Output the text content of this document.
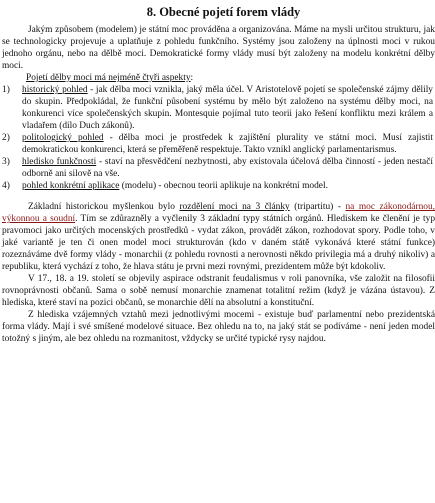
8. Obecné pojetí forem vlády

Jakým způsobem (modelem) je státní moc prováděna a organizována. Máme na mysli určitou strukturu, jak se technologicky projevuje a uplatňuje z pohledu funkčního. Systémy jsou založeny na úplnosti moci v rukou jednoho orgánu, nebo na dělbě moci. Demokratické formy vlády musí být založeny na modelu konkrétní dělby moci.

Pojetí dělby moci má nejméně čtyři aspekty:

1) historický pohled - jak dělba moci vznikla, jaký měla účel. V Aristotelově pojetí se společenské zájmy dělily do skupin. Předpokládal, že funkční působení systému by mělo být založeno na systému dělby moci, na konkurenci více společenských skupin. Montesquie pojímal tuto teorii jako řešení konfliktu mezi králem a vladařem (dílo Duch zákonů).
2) politologický pohled - dělba moci je prostředek k zajištění plurality ve státní moci. Musí zajistit demokratickou konkurenci, která se přeměřeně respektuje. Takto vznikl anglický parlamentarismus.
3) hledisko funkčnosti - staví na přesvědčení nezbytnosti, aby existovala účelová dělba činností - jeden nestačí odborně ani silově na vše.
4) pohled konkrétní aplikace (modelu) - obecnou teorii aplikuje na konkrétní model.

Základní historickou myšlenkou bylo rozdělení moci na 3 články (tripartitu) - na moc zákonodárnou, výkonnou a soudní. Tím se zdůrazněly a vyčlenily 3 základní typy státních orgánů. Hlediskem ke členění je typ pravomoci jako určitých mocenských prostředků - vydat zákon, provádět zákon, rozhodovat spory. Podle toho, v jaké variantě je ten či onen model moci strukturován (kdo v daném státě vykonává které státní funkce) rozeznáváme dvě formy vlády - monarchii (z pohledu rovnosti a nerovnosti někdo privilegia má a druhý nikoliv) a republiku, která vychází z toho, že hlava státu je prvni mezi rovnými, prezidentem může být kdokoliv.

V 17., 18. a 19. století se objevily aspirace odstranit feudalismus v roli panovníka, vše založit na filosofii rovnoprávnosti občanů. Sama o sobě nemusí monarchie znamenat totalitní režim (když je vázána ústavou). Z hlediska, které staví na pozici občanů, se monarchie dělí na absolutní a konstituční.

Z hlediska vzájemných vztahů mezi jednotlivými mocemi - existuje buď parlamentní nebo prezidentská forma vlády. Mají i své smíšené modelové situace. Bez ohledu na to, na jaký stát se podíváme - není jeden model totožný s jiným, ale bez ohledu na rozmanitost, vždycky se určité typické rysy najdou.
